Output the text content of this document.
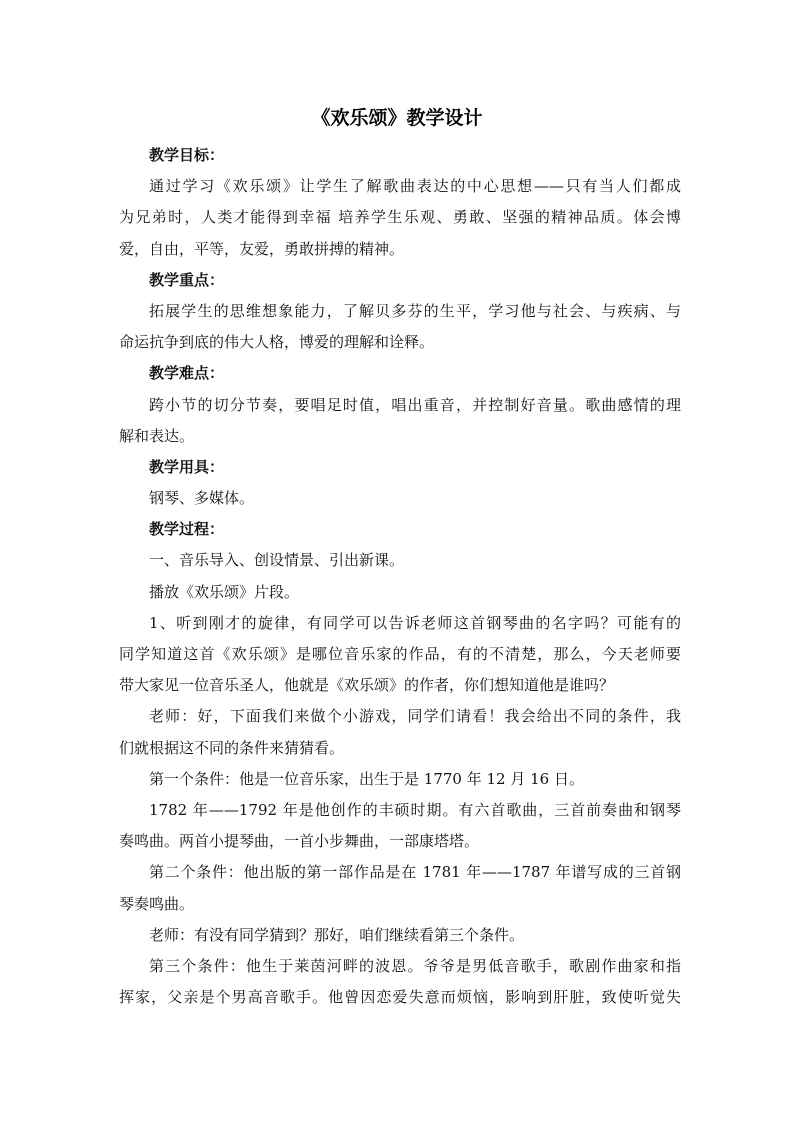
《欢乐颂》教学设计
教学目标：
通过学习《欢乐颂》让学生了解歌曲表达的中心思想——只有当人们都成
为兄弟时，人类才能得到幸福 培养学生乐观、勇敢、坚强的精神品质。体会博
爱，自由，平等，友爱，勇敢拼搏的精神。
教学重点：
拓展学生的思维想象能力，了解贝多芬的生平，学习他与社会、与疾病、与
命运抗争到底的伟大人格，博爱的理解和诠释。
教学难点：
跨小节的切分节奏，要唱足时值，唱出重音，并控制好音量。歌曲感情的理
解和表达。
教学用具：
钢琴、多媒体。
教学过程：
一、音乐导入、创设情景、引出新课。
播放《欢乐颂》片段。
1、听到刚才的旋律，有同学可以告诉老师这首钢琴曲的名字吗？可能有的
同学知道这首《欢乐颂》是哪位音乐家的作品，有的不清楚，那么，今天老师要
带大家见一位音乐圣人，他就是《欢乐颂》的作者，你们想知道他是谁吗？
老师：好，下面我们来做个小游戏，同学们请看！我会给出不同的条件，我
们就根据这不同的条件来猜猜看。
第一个条件：他是一位音乐家，出生于是 1770 年 12 月 16 日。
1782 年——1792 年是他创作的丰硕时期。有六首歌曲，三首前奏曲和钢琴
奏鸣曲。两首小提琴曲，一首小步舞曲，一部康塔塔。
第二个条件：他出版的第一部作品是在 1781 年——1787 年谱写成的三首钢
琴奏鸣曲。
老师：有没有同学猜到？那好，咱们继续看第三个条件。
第三个条件：他生于莱茵河畔的波恩。爷爷是男低音歌手，歌剧作曲家和指
挥家，父亲是个男高音歌手。他曾因恋爱失意而烦恼，影响到肝脏，致使听觉失
